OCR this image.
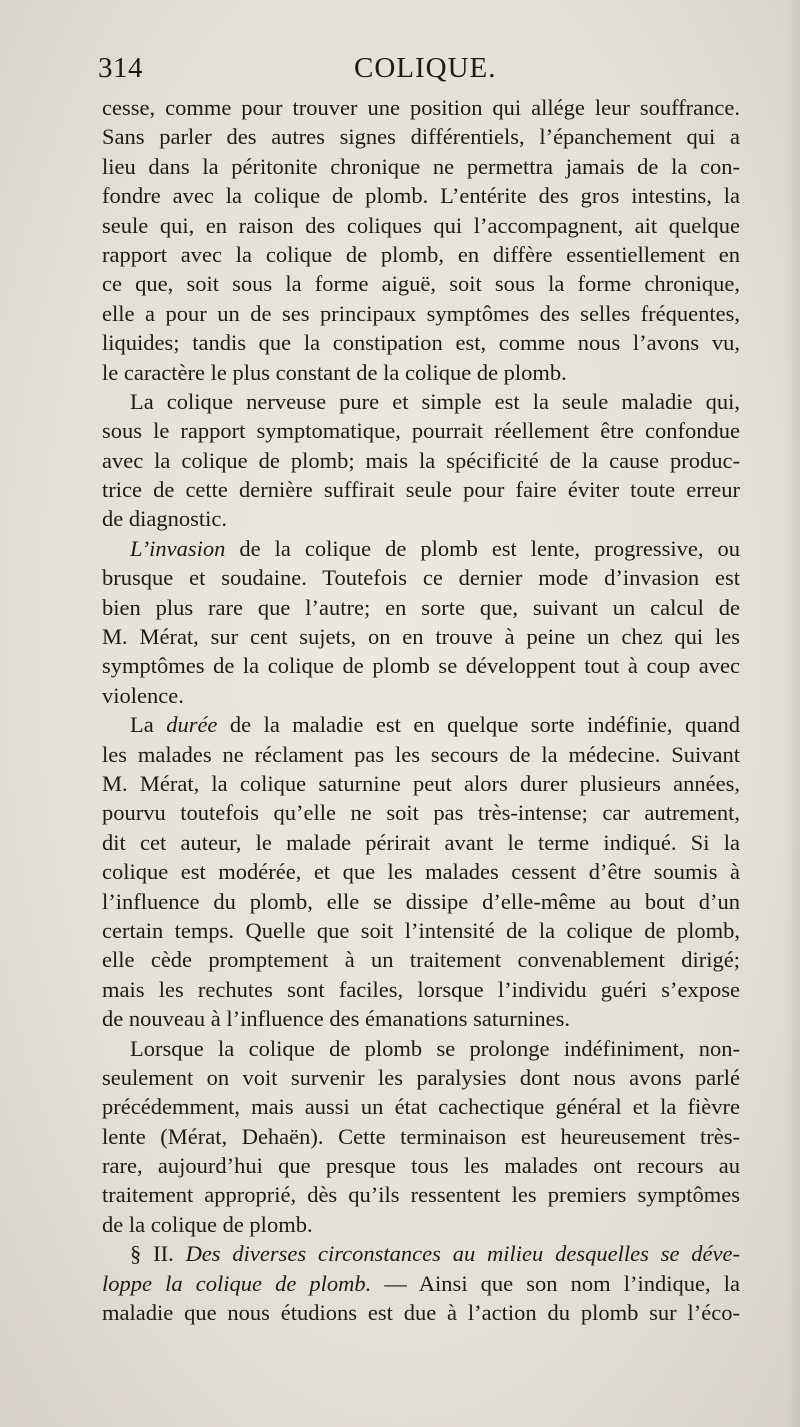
314	COLIQUE.
cesse, comme pour trouver une position qui allége leur souffrance.
Sans parler des autres signes différentiels, l’épanchement qui a
lieu dans la péritonite chronique ne permettra jamais de la con-
fondre avec la colique de plomb. L’entérite des gros intestins, la
seule qui, en raison des coliques qui l’accompagnent, ait quelque
rapport avec la colique de plomb, en diffère essentiellement en
ce que, soit sous la forme aiguë, soit sous la forme chronique,
elle a pour un de ses principaux symptômes des selles fréquentes,
liquides; tandis que la constipation est, comme nous l’avons vu,
le caractère le plus constant de la colique de plomb.
La colique nerveuse pure et simple est la seule maladie qui,
sous le rapport symptomatique, pourrait réellement être confondue
avec la colique de plomb; mais la spécificité de la cause produc-
trice de cette dernière suffirait seule pour faire éviter toute erreur
de diagnostic.
L’invasion de la colique de plomb est lente, progressive, ou
brusque et soudaine. Toutefois ce dernier mode d’invasion est
bien plus rare que l’autre; en sorte que, suivant un calcul de
M. Mérat, sur cent sujets, on en trouve à peine un chez qui les
symptômes de la colique de plomb se développent tout à coup avec
violence.
La durée de la maladie est en quelque sorte indéfinie, quand
les malades ne réclament pas les secours de la médecine. Suivant
M. Mérat, la colique saturnine peut alors durer plusieurs années,
pourvu toutefois qu’elle ne soit pas très-intense; car autrement,
dit cet auteur, le malade périrait avant le terme indiqué. Si la
colique est modérée, et que les malades cessent d’être soumis à
l’influence du plomb, elle se dissipe d’elle-même au bout d’un
certain temps. Quelle que soit l’intensité de la colique de plomb,
elle cède promptement à un traitement convenablement dirigé;
mais les rechutes sont faciles, lorsque l’individu guéri s’expose
de nouveau à l’influence des émanations saturnines.
Lorsque la colique de plomb se prolonge indéfiniment, non-
seulement on voit survenir les paralysies dont nous avons parlé
précédemment, mais aussi un état cachectique général et la fièvre
lente (Mérat, Dehaën). Cette terminaison est heureusement très-
rare, aujourd’hui que presque tous les malades ont recours au
traitement approprié, dès qu’ils ressentent les premiers symptômes
de la colique de plomb.
§ II. Des diverses circonstances au milieu desquelles se déve-
loppe la colique de plomb. — Ainsi que son nom l’indique, la
maladie que nous étudions est due à l’action du plomb sur l’éco-
